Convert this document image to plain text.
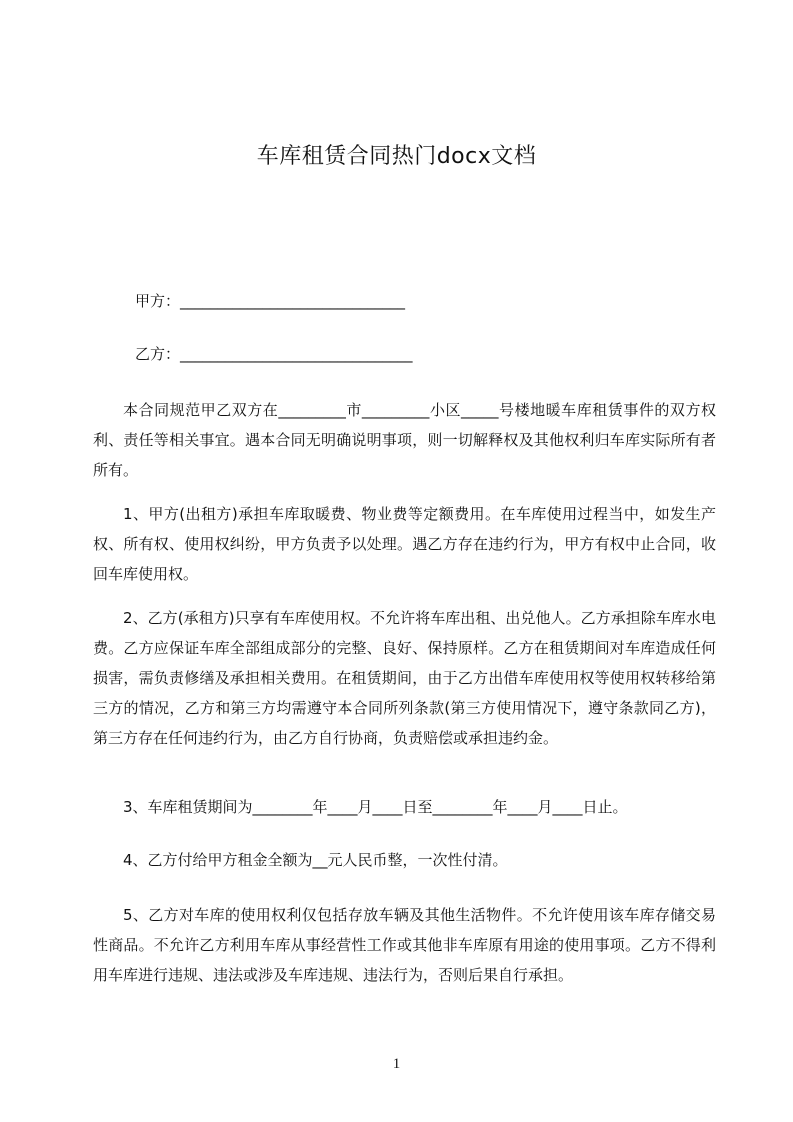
车库租赁合同热门docx文档
甲方：______________________________
乙方：_______________________________

本合同规范甲乙双方在_________市_________小区_____号楼地暖车库租赁事件的双方权利、责任等相关事宜。遇本合同无明确说明事项，则一切解释权及其他权利归车库实际所有者所有。

1、甲方(出租方)承担车库取暖费、物业费等定额费用。在车库使用过程当中，如发生产权、所有权、使用权纠纷，甲方负责予以处理。遇乙方存在违约行为，甲方有权中止合同，收回车库使用权。

2、乙方(承租方)只享有车库使用权。不允许将车库出租、出兑他人。乙方承担除车库水电费。乙方应保证车库全部组成部分的完整、良好、保持原样。乙方在租赁期间对车库造成任何损害，需负责修缮及承担相关费用。在租赁期间，由于乙方出借车库使用权等使用权转移给第三方的情况，乙方和第三方均需遵守本合同所列条款(第三方使用情况下，遵守条款同乙方)，第三方存在任何违约行为，由乙方自行协商，负责赔偿或承担违约金。

3、车库租赁期间为________年____月____日至________年____月____日止。

4、乙方付给甲方租金全额为__元人民币整，一次性付清。

5、乙方对车库的使用权利仅包括存放车辆及其他生活物件。不允许使用该车库存储交易性商品。不允许乙方利用车库从事经营性工作或其他非车库原有用途的使用事项。乙方不得利用车库进行违规、违法或涉及车库违规、违法行为，否则后果自行承担。

1
